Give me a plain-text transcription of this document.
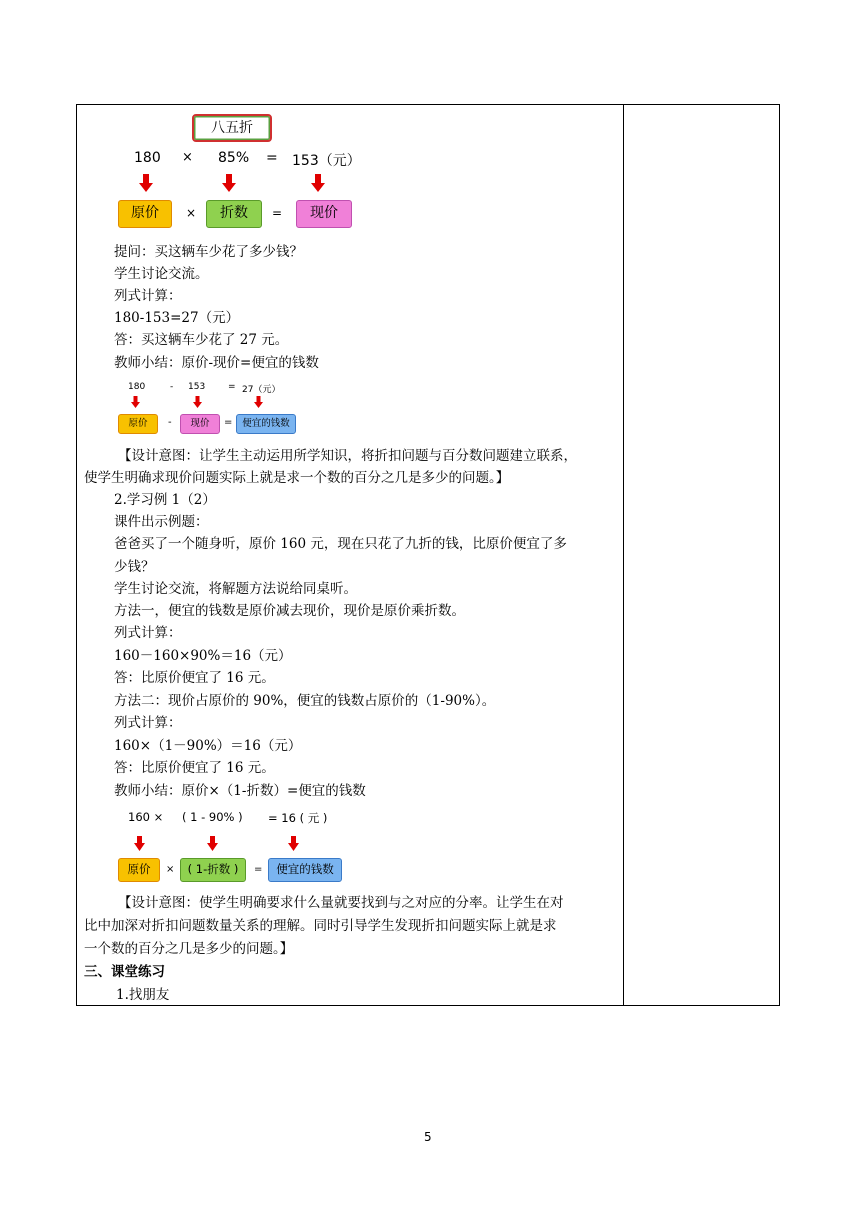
八五折
180 × 85% = 153（元）
原价	×	折数	=	现价
提问：买这辆车少花了多少钱？
学生讨论交流。
列式计算：
180-153=27（元）
答：买这辆车少花了 27 元。
教师小结：原价-现价=便宜的钱数
180	- 153	= 27（元）
原价	-	现价	=	便宜的钱数
【设计意图：让学生主动运用所学知识，将折扣问题与百分数问题建立联系，
使学生明确求现价问题实际上就是求一个数的百分之几是多少的问题。】
2.学习例 1（2）
课件出示例题：
爸爸买了一个随身听，原价 160 元，现在只花了九折的钱，比原价便宜了多
少钱？
学生讨论交流，将解题方法说给同桌听。
方法一，便宜的钱数是原价减去现价，现价是原价乘折数。
列式计算：
160－160×90%＝16（元）
答：比原价便宜了 16 元。
方法二：现价占原价的 90%，便宜的钱数占原价的（1-90%）。
列式计算：
160×（1－90%）＝16（元）
答：比原价便宜了 16 元。
教师小结：原价×（1-折数）=便宜的钱数
160 × ( 1 - 90% ) = 16 ( 元 )
原价	×	( 1-折数 )	=	便宜的钱数
【设计意图：使学生明确要求什么量就要找到与之对应的分率。让学生在对
比中加深对折扣问题数量关系的理解。同时引导学生发现折扣问题实际上就是求
一个数的百分之几是多少的问题。】
三、课堂练习
1.找朋友
5
